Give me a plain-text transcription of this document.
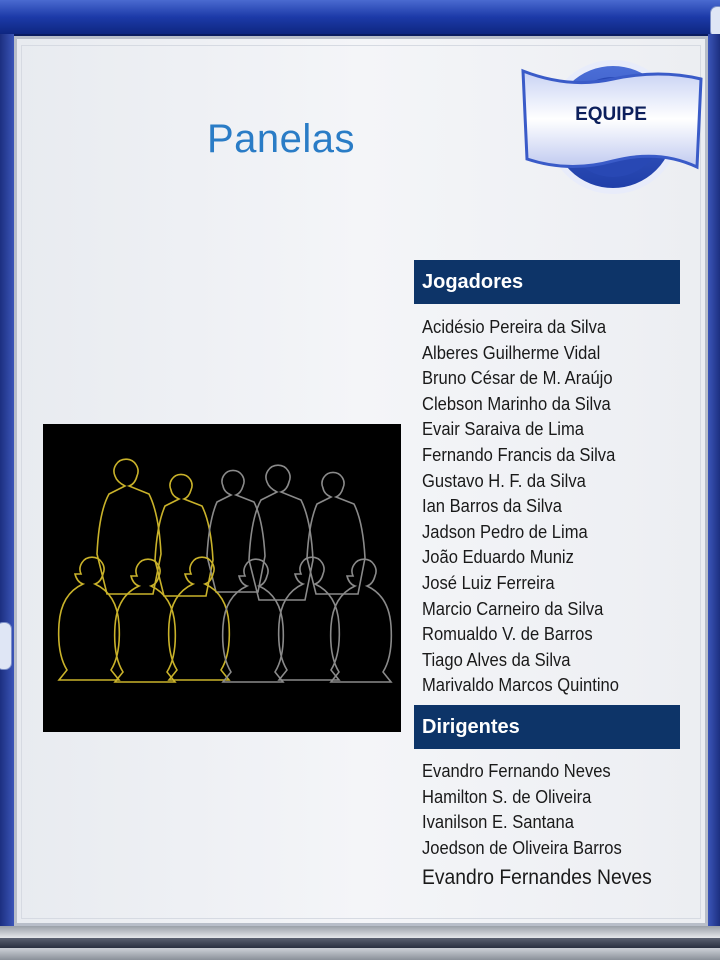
Panelas
EQUIPE
Jogadores
Acidésio Pereira da Silva
Alberes Guilherme Vidal
Bruno César de M. Araújo
Clebson Marinho da Silva
Evair Saraiva de Lima
Fernando Francis da Silva
Gustavo H. F. da Silva
Ian Barros da Silva
Jadson Pedro de Lima
João Eduardo Muniz
José Luiz Ferreira
Marcio Carneiro da Silva
Romualdo V. de Barros
Tiago Alves da Silva
Marivaldo Marcos Quintino
Dirigentes
Evandro Fernando Neves
Hamilton S. de Oliveira
Ivanilson E. Santana
Joedson de Oliveira Barros
Evandro Fernandes Neves
